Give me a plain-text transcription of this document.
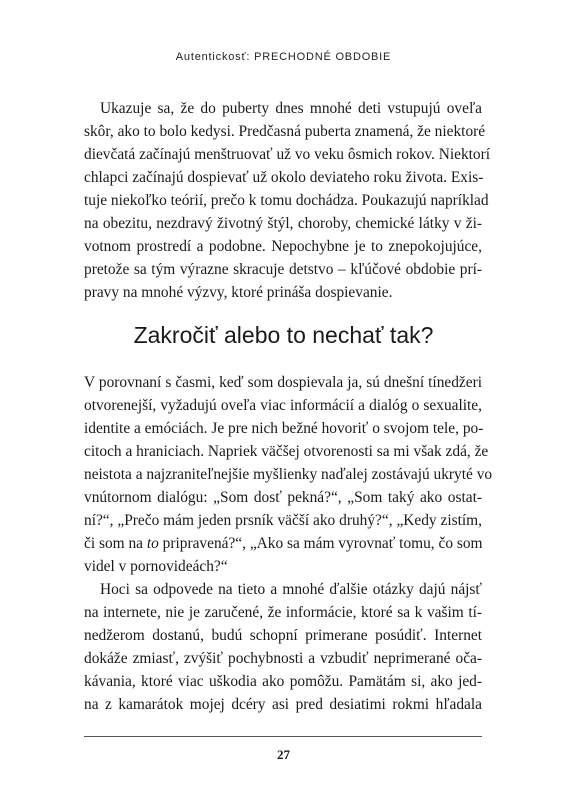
Autentickosť: PRECHODNÉ OBDOBIE
Ukazuje sa, že do puberty dnes mnohé deti vstupujú oveľa
skôr, ako to bolo kedysi. Predčasná puberta znamená, že niektoré
dievčatá začínajú menštruovať už vo veku ôsmich rokov. Niektorí
chlapci začínajú dospievať už okolo deviateho roku života. Exis-
tuje niekoľko teórií, prečo k tomu dochádza. Poukazujú napríklad
na obezitu, nezdravý životný štýl, choroby, chemické látky v ži-
votnom prostredí a podobne. Nepochybne je to znepokojujúce,
pretože sa tým výrazne skracuje detstvo – kľúčové obdobie prí-
pravy na mnohé výzvy, ktoré prináša dospievanie.
Zakročiť alebo to nechať tak?
V porovnaní s časmi, keď som dospievala ja, sú dnešní tínedžeri
otvorenejší, vyžadujú oveľa viac informácií a dialóg o sexualite,
identite a emóciách. Je pre nich bežné hovoriť o svojom tele, po-
citoch a hraniciach. Napriek väčšej otvorenosti sa mi však zdá, že
neistota a najzraniteľnejšie myšlienky naďalej zostávajú ukryté vo
vnútornom dialógu: „Som dosť pekná?“, „Som taký ako ostat-
ní?“, „Prečo mám jeden prsník väčší ako druhý?“, „Kedy zistím,
či som na to pripravená?“, „Ako sa mám vyrovnať tomu, čo som
videl v pornovideách?“
Hoci sa odpovede na tieto a mnohé ďalšie otázky dajú nájsť
na internete, nie je zaručené, že informácie, ktoré sa k vašim tí-
nedžerom dostanú, budú schopní primerane posúdiť. Internet
dokáže zmiasť, zvýšiť pochybnosti a vzbudiť neprimerané oča-
kávania, ktoré viac uškodia ako pomôžu. Pamätám si, ako jed-
na z kamarátok mojej dcéry asi pred desiatimi rokmi hľadala
27
